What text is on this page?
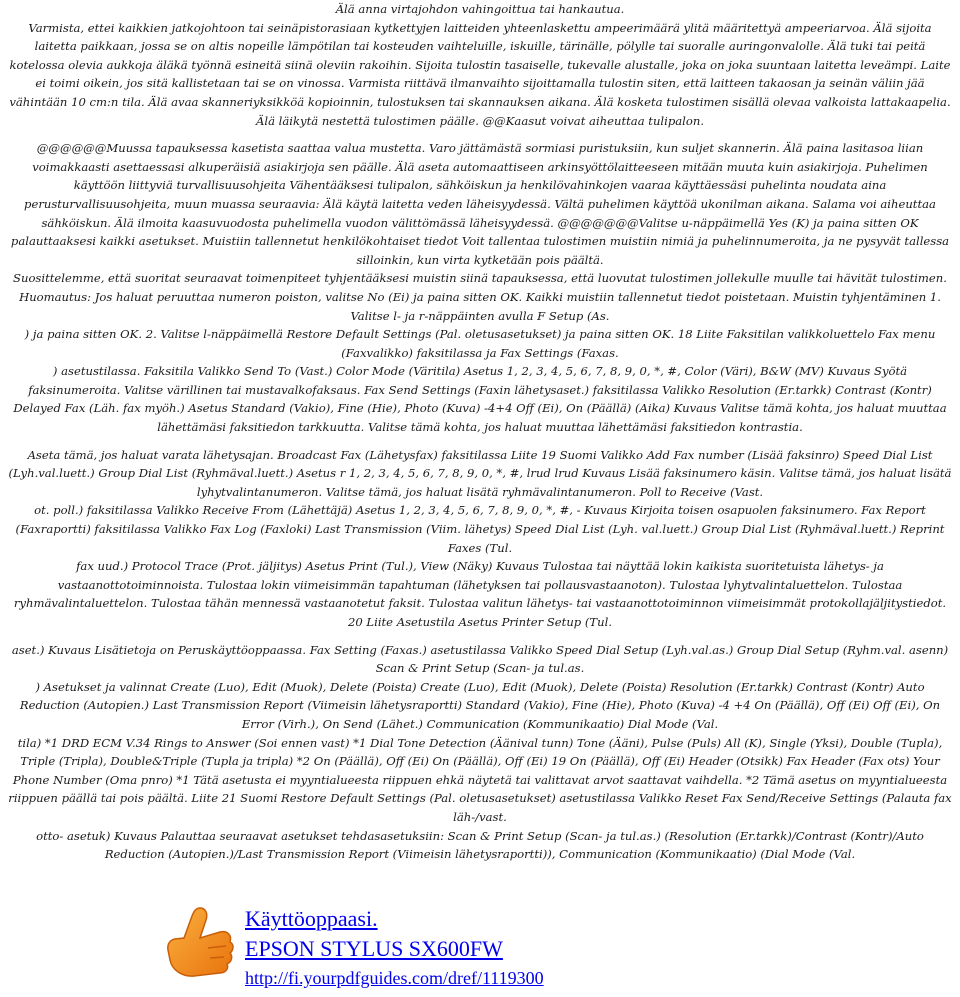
Älä anna virtajohdon vahingoittua tai hankautua.

Varmista, ettei kaikkien jatkojohtoon tai seinäpistorasiaan kytkettyjen laitteiden yhteenlaskettu ampeerimäärä ylitä määritettyä ampeeriarvoa. Älä sijoita laitetta paikkaan, jossa se on altis nopeille lämpötilan tai kosteuden vaihteluille, iskuille, tärinälle, pölylle tai suoralle auringonvalolle. Älä tuki tai peitä kotelossa olevia aukkoja äläkä työnnä esineitä siinä oleviin rakoihin. Sijoita tulostin tasaiselle, tukevalle alustalle, joka on joka suuntaan laitetta leveämpi. Laite ei toimi oikein, jos sitä kallistetaan tai se on vinossa. Varmista riittävä ilmanvaihto sijoittamalla tulostin siten, että laitteen takaosan ja seinän väliin jää vähintään 10 cm:n tila. Älä avaa skanneriyksikköä kopioinnin, tulostuksen tai skannauksen aikana. Älä kosketa tulostimen sisällä olevaa valkoista lattakaapelia. Älä läikytä nestettä tulostimen päälle. @@Kaasut voivat aiheuttaa tulipalon.

@@@@@@Muussa tapauksessa kasetista saattaa valua mustetta. Varo jättämästä sormiasi puristuksiin, kun suljet skannerin. Älä paina lasitasoa liian voimakkaasti asettaessasi alkuperäisiä asiakirjoja sen päälle. Älä aseta automaattiseen arkinsyöttölaitteeseen mitään muuta kuin asiakirjoja. Puhelimen käyttöön liittyviä turvallisuusohjeita Vähentääksesi tulipalon, sähköiskun ja henkilövahinkojen vaaraa käyttäessäsi puhelinta noudata aina perusturvallisuusohjeita, muun muassa seuraavia: Älä käytä laitetta veden läheisyydessä. Vältä puhelimen käyttöä ukonilman aikana. Salama voi aiheuttaa sähköiskun. Älä ilmoita kaasuvuodosta puhelimella vuodon välittömässä läheisyydessä. @@@@@@@Valitse u-näppäimellä Yes (K) ja paina sitten OK palauttaaksesi kaikki asetukset. Muistiin tallennetut henkilökohtaiset tiedot Voit tallentaa tulostimen muistiin nimiä ja puhelinnumeroita, ja ne pysyvät tallessa silloinkin, kun virta kytketään pois päältä.

Suosittelemme, että suoritat seuraavat toimenpiteet tyhjentääksesi muistin siinä tapauksessa, että luovutat tulostimen jollekulle muulle tai hävität tulostimen. Huomautus: Jos haluat peruuttaa numeron poiston, valitse No (Ei) ja paina sitten OK. Kaikki muistiin tallennetut tiedot poistetaan. Muistin tyhjentäminen 1. Valitse l- ja r-näppäinten avulla F Setup (As.

) ja paina sitten OK. 2. Valitse l-näppäimellä Restore Default Settings (Pal. oletusasetukset) ja paina sitten OK. 18 Liite Faksitilan valikkoluettelo Fax menu (Faxvalikko) faksitilassa ja Fax Settings (Faxas.

) asetustilassa. Faksitila Valikko Send To (Vast.) Color Mode (Väritila) Asetus 1, 2, 3, 4, 5, 6, 7, 8, 9, 0, *, #, Color (Väri), B&W (MV) Kuvaus Syötä faksinumeroita. Valitse värillinen tai mustavalkofaksaus. Fax Send Settings (Faxin lähetysaset.) faksitilassa Valikko Resolution (Er.tarkk) Contrast (Kontr) Delayed Fax (Läh. fax myöh.) Asetus Standard (Vakio), Fine (Hie), Photo (Kuva) -4+4 Off (Ei), On (Päällä) (Aika) Kuvaus Valitse tämä kohta, jos haluat muuttaa lähettämäsi faksitiedon tarkkuutta. Valitse tämä kohta, jos haluat muuttaa lähettämäsi faksitiedon kontrastia.

Aseta tämä, jos haluat varata lähetysajan. Broadcast Fax (Lähetysfax) faksitilassa Liite 19 Suomi Valikko Add Fax number (Lisää faksinro) Speed Dial List (Lyh.val.luett.) Group Dial List (Ryhmäval.luett.) Asetus r 1, 2, 3, 4, 5, 6, 7, 8, 9, 0, *, #, lrud lrud Kuvaus Lisää faksinumero käsin. Valitse tämä, jos haluat lisätä lyhytvalintanumeron. Valitse tämä, jos haluat lisätä ryhmävalintanumeron. Poll to Receive (Vast.

ot. poll.) faksitilassa Valikko Receive From (Lähettäjä) Asetus 1, 2, 3, 4, 5, 6, 7, 8, 9, 0, *, #, - Kuvaus Kirjoita toisen osapuolen faksinumero. Fax Report (Faxraportti) faksitilassa Valikko Fax Log (Faxloki) Last Transmission (Viim. lähetys) Speed Dial List (Lyh. val.luett.) Group Dial List (Ryhmäval.luett.) Reprint Faxes (Tul.

fax uud.) Protocol Trace (Prot. jäljitys) Asetus Print (Tul.), View (Näky) Kuvaus Tulostaa tai näyttää lokin kaikista suoritetuista lähetys- ja vastaanottotoiminnoista. Tulostaa lokin viimeisimmän tapahtuman (lähetyksen tai pollausvastaanoton). Tulostaa lyhytvalintaluettelon. Tulostaa ryhmävalintaluettelon. Tulostaa tähän mennessä vastaanotetut faksit. Tulostaa valitun lähetys- tai vastaanottotoiminnon viimeisimmät protokollajäljitystiedot. 20 Liite Asetustila Asetus Printer Setup (Tul.

aset.) Kuvaus Lisätietoja on Peruskäyttöoppaassa. Fax Setting (Faxas.) asetustilassa Valikko Speed Dial Setup (Lyh.val.as.) Group Dial Setup (Ryhm.val. asenn) Scan & Print Setup (Scan- ja tul.as.

) Asetukset ja valinnat Create (Luo), Edit (Muok), Delete (Poista) Create (Luo), Edit (Muok), Delete (Poista) Resolution (Er.tarkk) Contrast (Kontr) Auto Reduction (Autopien.) Last Transmission Report (Viimeisin lähetysraportti) Standard (Vakio), Fine (Hie), Photo (Kuva) -4 +4 On (Päällä), Off (Ei) Off (Ei), On Error (Virh.), On Send (Lähet.) Communication (Kommunikaatio) Dial Mode (Val.

tila) *1 DRD ECM V.34 Rings to Answer (Soi ennen vast) *1 Dial Tone Detection (Äänival tunn) Tone (Ääni), Pulse (Puls) All (K), Single (Yksi), Double (Tupla), Triple (Tripla), Double&Triple (Tupla ja tripla) *2 On (Päällä), Off (Ei) On (Päällä), Off (Ei) 19 On (Päällä), Off (Ei) Header (Otsikk) Fax Header (Fax ots) Your Phone Number (Oma pnro) *1 Tätä asetusta ei myyntialueesta riippuen ehkä näytetä tai valittavat arvot saattavat vaihdella. *2 Tämä asetus on myyntialueesta riippuen päällä tai pois päältä. Liite 21 Suomi Restore Default Settings (Pal. oletusasetukset) asetustilassa Valikko Reset Fax Send/Receive Settings (Palauta fax läh-/vast.

otto- asetuk) Kuvaus Palauttaa seuraavat asetukset tehdasasetuksiin: Scan & Print Setup (Scan- ja tul.as.) (Resolution (Er.tarkk)/Contrast (Kontr)/Auto Reduction (Autopien.)/Last Transmission Report (Viimeisin lähetysraportti)), Communication (Kommunikaatio) (Dial Mode (Val.

Käyttöoppaasi.
EPSON STYLUS SX600FW
http://fi.yourpdfguides.com/dref/1119300
